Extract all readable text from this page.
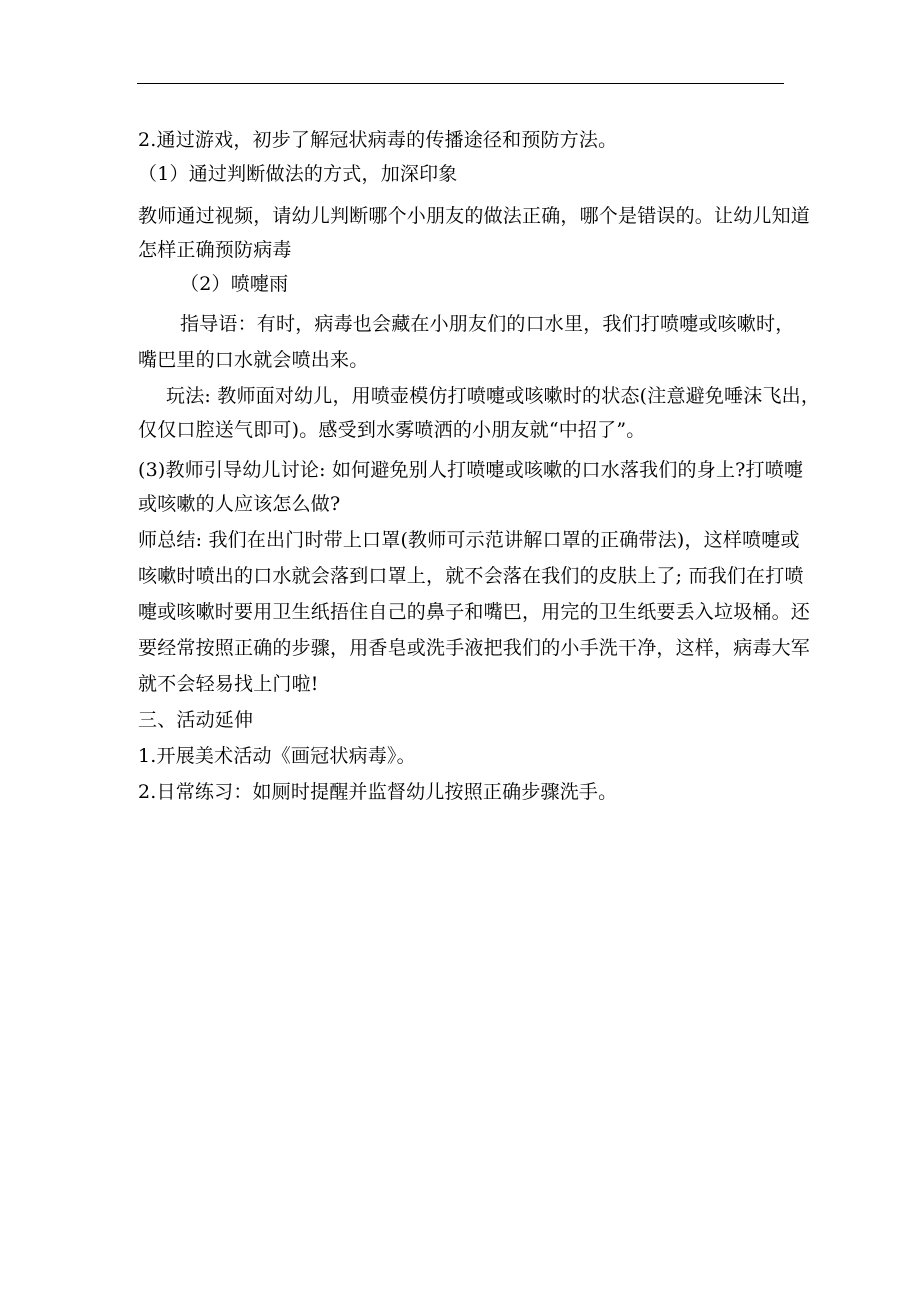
2.通过游戏，初步了解冠状病毒的传播途径和预防方法。
（1）通过判断做法的方式，加深印象
教师通过视频，请幼儿判断哪个小朋友的做法正确，哪个是错误的。让幼儿知道
怎样正确预防病毒
（2）喷嚏雨
指导语：有时，病毒也会藏在小朋友们的口水里，我们打喷嚏或咳嗽时，
嘴巴里的口水就会喷出来。
玩法: 教师面对幼儿，用喷壶模仿打喷嚏或咳嗽时的状态(注意避免唾沫飞出，
仅仅口腔送气即可)。感受到水雾喷洒的小朋友就“中招了”。
(3)教师引导幼儿讨论: 如何避免别人打喷嚏或咳嗽的口水落我们的身上?打喷嚏
或咳嗽的人应该怎么做?
师总结: 我们在出门时带上口罩(教师可示范讲解口罩的正确带法)，这样喷嚏或
咳嗽时喷出的口水就会落到口罩上，就不会落在我们的皮肤上了; 而我们在打喷
嚏或咳嗽时要用卫生纸捂住自己的鼻子和嘴巴，用完的卫生纸要丢入垃圾桶。还
要经常按照正确的步骤，用香皂或洗手液把我们的小手洗干净，这样，病毒大军
就不会轻易找上门啦!
三、活动延伸
1.开展美术活动《画冠状病毒》。
2.日常练习：如厕时提醒并监督幼儿按照正确步骤洗手。
